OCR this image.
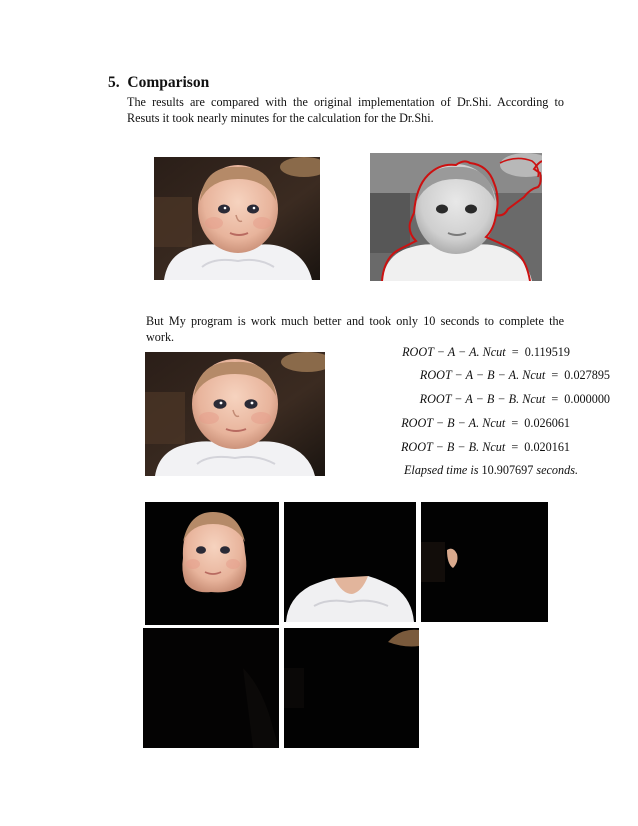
5. Comparison
The results are compared with the original implementation of Dr.Shi. According to
Resuts it took nearly minutes for the calculation for the Dr.Shi.
But My program is work much better and took only 10 seconds to complete the
work.
ROOT − A − A. Ncut = 0.119519
ROOT − A − B − A. Ncut = 0.027895
ROOT − A − B − B. Ncut = 0.000000
ROOT − B − A. Ncut = 0.026061
ROOT − B − B. Ncut = 0.020161
Elapsed time is 10.907697 seconds.
